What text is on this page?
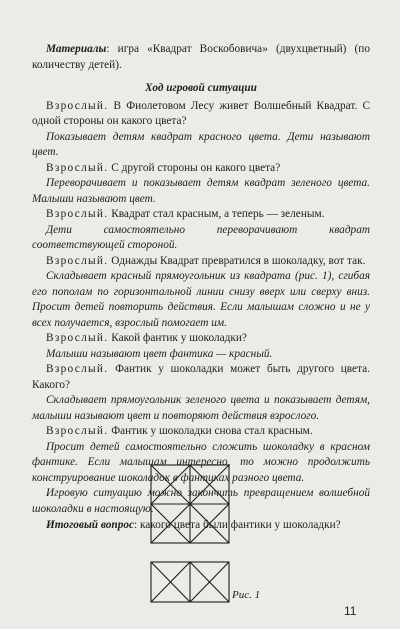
Материалы: игра «Квадрат Воскобовича» (двухцветный) (по количеству детей).

Ход игровой ситуации

Взрослый. В Фиолетовом Лесу живет Волшебный Квадрат. С одной стороны он какого цвета?

Показывает детям квадрат красного цвета. Дети называют цвет.

Взрослый. С другой стороны он какого цвета?

Переворачивает и показывает детям квадрат зеленого цвета. Малыши называют цвет.

Взрослый. Квадрат стал красным, а теперь — зеленым.

Дети самостоятельно переворачивают квадрат соответствующей стороной.

Взрослый. Однажды Квадрат превратился в шоколадку, вот так.

Складывает красный прямоугольник из квадрата (рис. 1), сгибая его пополам по горизонтальной линии снизу вверх или сверху вниз. Просит детей повторить действия. Если малышам сложно и не у всех получается, взрослый помогает им.

Взрослый. Какой фантик у шоколадки?

Малыши называют цвет фантика — красный.

Взрослый. Фантик у шоколадки может быть другого цвета. Какого?

Складывает прямоугольник зеленого цвета и показывает детям, малыши называют цвет и повторяют действия взрослого.

Взрослый. Фантик у шоколадки снова стал красным.

Просит детей самостоятельно сложить шоколадку в красном фантике. Если малышам интересно, то можно продолжить конструирование шоколадок в фантиках разного цвета.

Игровую ситуацию можно закончить превращением волшебной шоколадки в настоящую.

Итоговый вопрос: какого цвета были фантики у шоколадки?

Рис. 1
11
